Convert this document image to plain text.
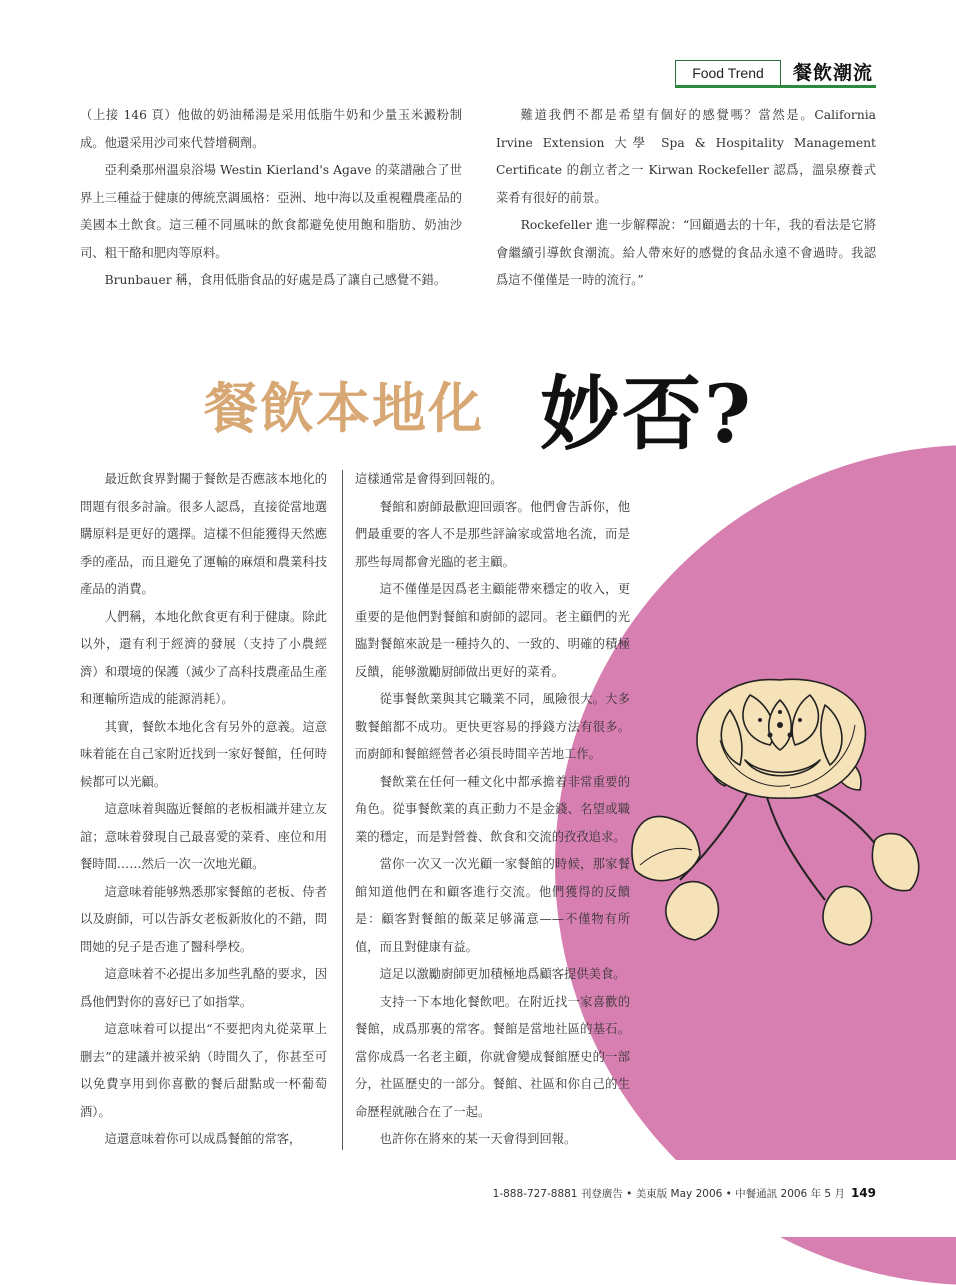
Food Trend	餐飲潮流

（上接 146 頁）他做的奶油稀湯是采用低脂牛奶和少量玉米澱粉制成。他還采用沙司來代替增稠劑。

亞利桑那州溫泉浴場 Westin Kierland's Agave 的菜譜融合了世界上三種益于健康的傳統烹調風格：亞洲、地中海以及重視糧農產品的美國本土飲食。這三種不同風味的飲食都避免使用飽和脂肪、奶油沙司、粗干酪和肥肉等原料。

Brunbauer 稱，食用低脂食品的好處是爲了讓自己感覺不錯。

難道我們不都是希望有個好的感覺嗎？當然是。California Irvine Extension 大學 Spa & Hospitality Management Certificate 的創立者之一 Kirwan Rockefeller 認爲，溫泉療養式菜肴有很好的前景。

Rockefeller 進一步解釋說：“回顧過去的十年，我的看法是它將會繼續引導飲食潮流。給人帶來好的感覺的食品永遠不會過時。我認爲這不僅僅是一時的流行。”

餐飲本地化 妙否?

最近飲食界對關于餐飲是否應該本地化的問題有很多討論。很多人認爲，直接從當地選購原料是更好的選擇。這樣不但能獲得天然應季的產品，而且避免了運輸的麻煩和農業科技產品的消費。

人們稱，本地化飲食更有利于健康。除此以外，還有利于經濟的發展（支持了小農經濟）和環境的保護（減少了高科技農產品生產和運輸所造成的能源消耗）。

其實，餐飲本地化含有另外的意義。這意味着能在自己家附近找到一家好餐館，任何時候都可以光顧。

這意味着與臨近餐館的老板相識并建立友誼；意味着發現自己最喜愛的菜肴、座位和用餐時間……然后一次一次地光顧。

這意味着能够熟悉那家餐館的老板、侍者以及廚師，可以告訴女老板新妝化的不錯，問問她的兒子是否進了醫科學校。

這意味着不必提出多加些乳酪的要求，因爲他們對你的喜好已了如指掌。

這意味着可以提出“不要把肉丸從菜單上删去”的建議并被采納（時間久了，你甚至可以免費享用到你喜歡的餐后甜點或一杯葡萄酒）。

這還意味着你可以成爲餐館的常客，

這樣通常是會得到回報的。

餐館和廚師最歡迎回頭客。他們會告訴你，他們最重要的客人不是那些評論家或當地名流，而是那些每周都會光臨的老主顧。

這不僅僅是因爲老主顧能帶來穩定的收入，更重要的是他們對餐館和廚師的認同。老主顧們的光臨對餐館來說是一種持久的、一致的、明確的積極反饋，能够激勵厨師做出更好的菜肴。

從事餐飲業與其它職業不同，風險很大。大多數餐館都不成功。更快更容易的掙錢方法有很多。而廚師和餐館經營者必須長時間辛苦地工作。

餐飲業在任何一種文化中都承擔着非常重要的角色。從事餐飲業的真正動力不是金錢、名望或職業的穩定，而是對營養、飲食和交流的孜孜追求。

當你一次又一次光顧一家餐館的時候，那家餐館知道他們在和顧客進行交流。他們獲得的反饋是：顧客對餐館的飯菜足够滿意——不僅物有所值，而且對健康有益。

這足以激勵廚師更加積極地爲顧客提供美食。

支持一下本地化餐飲吧。在附近找一家喜歡的餐館，成爲那裏的常客。餐館是當地社區的基石。當你成爲一名老主顧，你就會變成餐館歷史的一部分，社區歷史的一部分。餐館、社區和你自己的生命歷程就融合在了一起。

也許你在將來的某一天會得到回報。

1-888-727-8881 刊登廣告 • 美東版 May 2006 • 中餐通訊 2006 年 5 月 149
